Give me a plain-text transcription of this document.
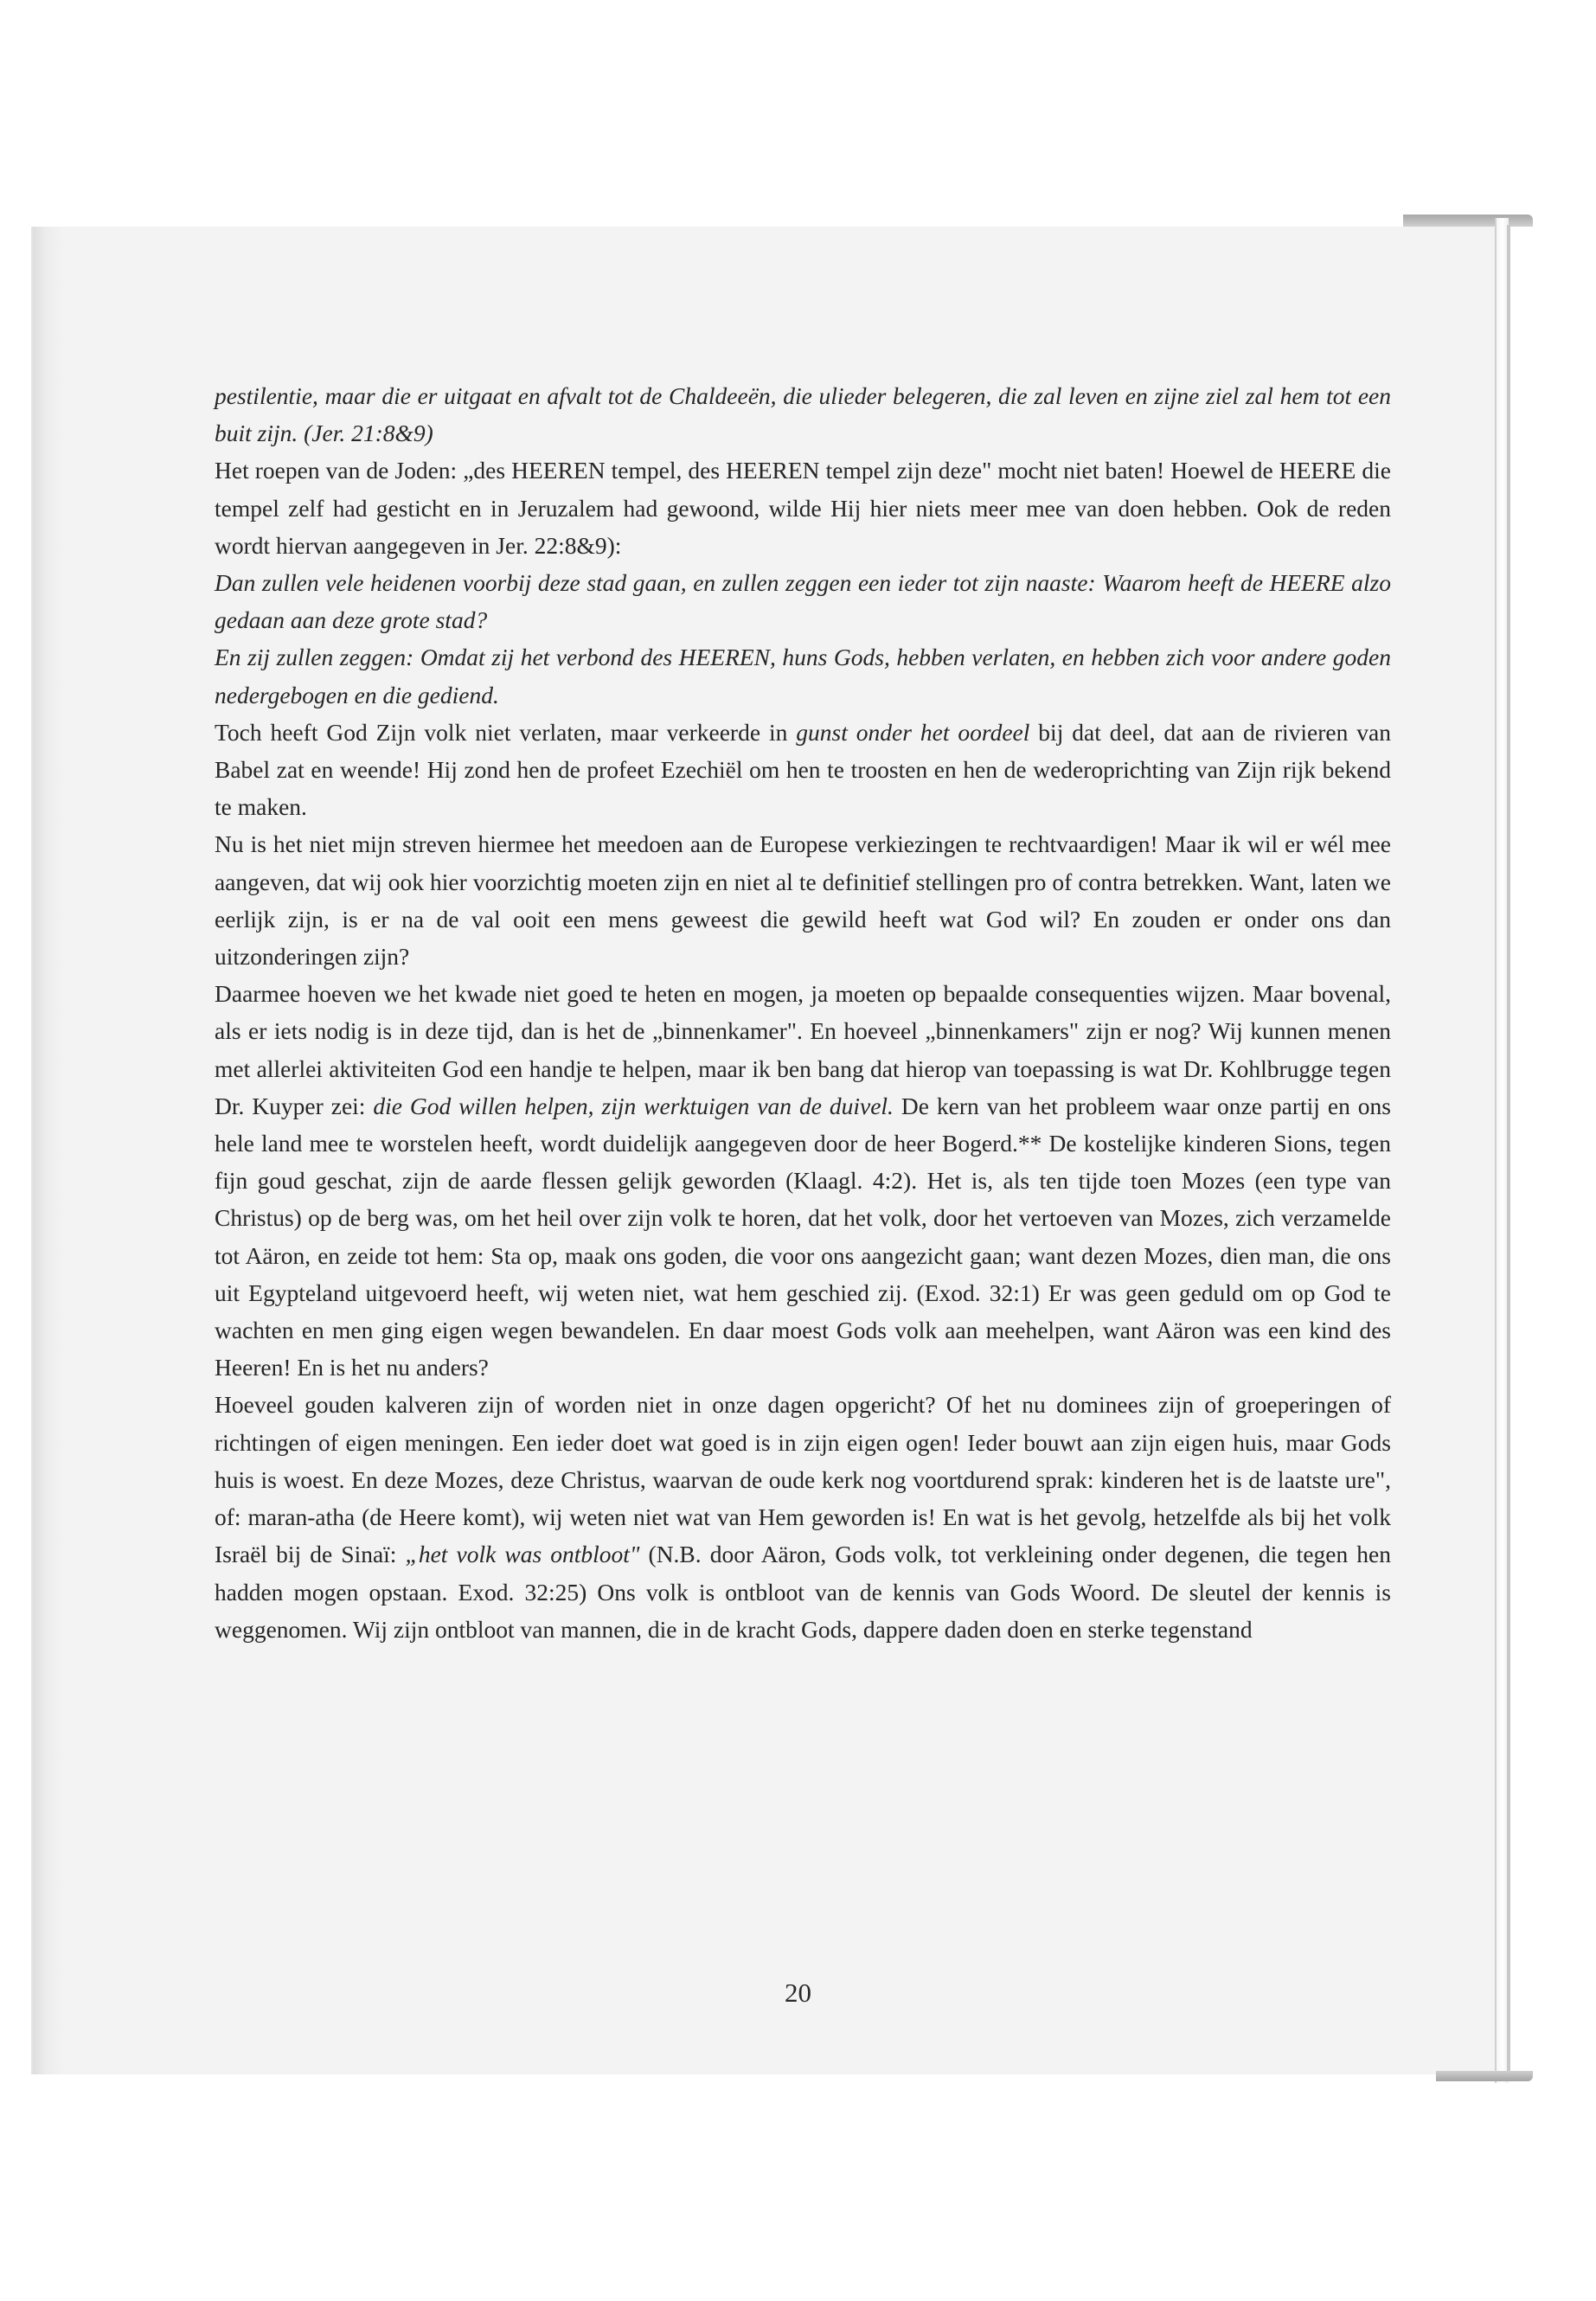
pestilentie, maar die er uitgaat en afvalt tot de Chaldeeën, die ulieder belegeren, die zal leven en zijne ziel zal hem tot een buit zijn. (Jer. 21:8&9)

Het roepen van de Joden: „des HEEREN tempel, des HEEREN tempel zijn deze" mocht niet baten! Hoewel de HEERE die tempel zelf had gesticht en in Jeruzalem had gewoond, wilde Hij hier niets meer mee van doen hebben. Ook de reden wordt hiervan aangegeven in Jer. 22:8&9):

Dan zullen vele heidenen voorbij deze stad gaan, en zullen zeggen een ieder tot zijn naaste: Waarom heeft de HEERE alzo gedaan aan deze grote stad?

En zij zullen zeggen: Omdat zij het verbond des HEEREN, huns Gods, hebben verlaten, en hebben zich voor andere goden nedergebogen en die gediend.

Toch heeft God Zijn volk niet verlaten, maar verkeerde in gunst onder het oordeel bij dat deel, dat aan de rivieren van Babel zat en weende! Hij zond hen de profeet Ezechiël om hen te troosten en hen de wederoprichting van Zijn rijk bekend te maken.

Nu is het niet mijn streven hiermee het meedoen aan de Europese verkiezingen te rechtvaardigen! Maar ik wil er wél mee aangeven, dat wij ook hier voorzichtig moeten zijn en niet al te definitief stellingen pro of contra betrekken. Want, laten we eerlijk zijn, is er na de val ooit een mens geweest die gewild heeft wat God wil? En zouden er onder ons dan uitzonderingen zijn?

Daarmee hoeven we het kwade niet goed te heten en mogen, ja moeten op bepaalde consequenties wijzen. Maar bovenal, als er iets nodig is in deze tijd, dan is het de „binnenkamer". En hoeveel „binnenkamers" zijn er nog? Wij kunnen menen met allerlei aktiviteiten God een handje te helpen, maar ik ben bang dat hierop van toepassing is wat Dr. Kohlbrugge tegen Dr. Kuyper zei: die God willen helpen, zijn werktuigen van de duivel. De kern van het probleem waar onze partij en ons hele land mee te worstelen heeft, wordt duidelijk aangegeven door de heer Bogerd.** De kostelijke kinderen Sions, tegen fijn goud geschat, zijn de aarde flessen gelijk geworden (Klaagl. 4:2). Het is, als ten tijde toen Mozes (een type van Christus) op de berg was, om het heil over zijn volk te horen, dat het volk, door het vertoeven van Mozes, zich verzamelde tot Aäron, en zeide tot hem: Sta op, maak ons goden, die voor ons aangezicht gaan; want dezen Mozes, dien man, die ons uit Egypteland uitgevoerd heeft, wij weten niet, wat hem geschied zij. (Exod. 32:1) Er was geen geduld om op God te wachten en men ging eigen wegen bewandelen. En daar moest Gods volk aan meehelpen, want Aäron was een kind des Heeren! En is het nu anders?

Hoeveel gouden kalveren zijn of worden niet in onze dagen opgericht? Of het nu dominees zijn of groeperingen of richtingen of eigen meningen. Een ieder doet wat goed is in zijn eigen ogen! Ieder bouwt aan zijn eigen huis, maar Gods huis is woest. En deze Mozes, deze Christus, waarvan de oude kerk nog voortdurend sprak: kinderen het is de laatste ure", of: maran-atha (de Heere komt), wij weten niet wat van Hem geworden is! En wat is het gevolg, hetzelfde als bij het volk Israël bij de Sinaï: „het volk was ontbloot" (N.B. door Aäron, Gods volk, tot verkleining onder degenen, die tegen hen hadden mogen opstaan. Exod. 32:25) Ons volk is ontbloot van de kennis van Gods Woord. De sleutel der kennis is weggenomen. Wij zijn ontbloot van mannen, die in de kracht Gods, dappere daden doen en sterke tegenstand

20
